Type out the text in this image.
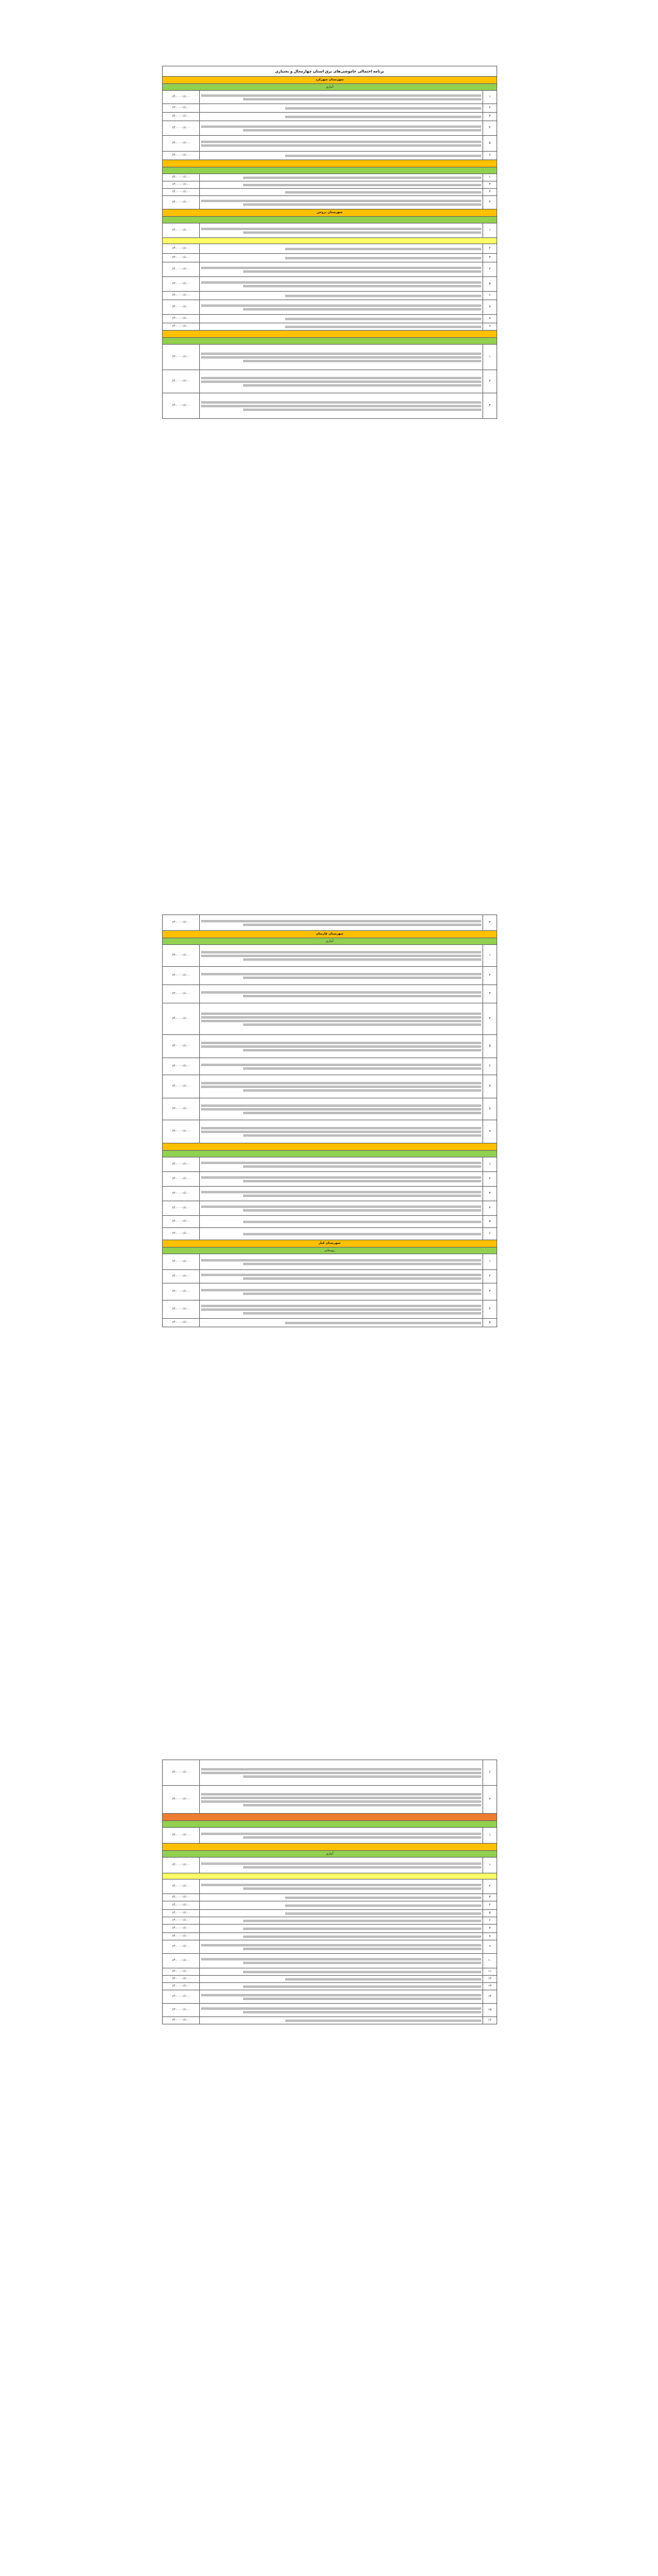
برنامه احتمالی خاموشی‌های برق استان چهارمحال و بختیاری		
شهرستان شهرکرد		
آبیاری		
۱		۱۴:۰۰ - ۱۶:۰۰
۲		۱۴:۰۰ - ۱۶:۰۰
۳		۱۴:۰۰ - ۱۶:۰۰
۴		۱۴:۰۰ - ۱۶:۰۰
۵		۱۴:۰۰ - ۱۶:۰۰
۶		۱۴:۰۰ - ۱۶:۰۰

۱		۱۴:۰۰ - ۱۶:۰۰
۲		۱۴:۰۰ - ۱۶:۰۰
۳		۱۴:۰۰ - ۱۶:۰۰
۴		۱۴:۰۰ - ۱۶:۰۰
شهرستان بروجن		

۱		۱۴:۰۰ - ۱۶:۰۰

۲		۱۴:۰۰ - ۱۶:۰۰
۳		۱۴:۰۰ - ۱۶:۰۰
۴		۱۴:۰۰ - ۱۶:۰۰
۵		۱۴:۰۰ - ۱۶:۰۰
۶		۱۴:۰۰ - ۱۶:۰۰
۷		۱۴:۰۰ - ۱۶:۰۰
۸		۱۴:۰۰ - ۱۶:۰۰
۹		۱۴:۰۰ - ۱۶:۰۰

۱		۱۴:۰۰ - ۱۶:۰۰
۲		۱۴:۰۰ - ۱۶:۰۰
۳		۱۴:۰۰ - ۱۶:۰۰
۴		۱۴:۰۰ - ۱۶:۰۰
شهرستان فارسان		
آبیاری		
۱		۱۴:۰۰ - ۱۶:۰۰
۲		۱۴:۰۰ - ۱۶:۰۰
۳		۱۴:۰۰ - ۱۶:۰۰
۴		۱۴:۰۰ - ۱۶:۰۰
۵		۱۴:۰۰ - ۱۶:۰۰
۶		۱۴:۰۰ - ۱۶:۰۰
۷		۱۴:۰۰ - ۱۶:۰۰
۸		۱۴:۰۰ - ۱۶:۰۰
۹		۱۴:۰۰ - ۱۶:۰۰

۱		۱۴:۰۰ - ۱۶:۰۰
۲		۱۴:۰۰ - ۱۶:۰۰
۳		۱۴:۰۰ - ۱۶:۰۰
۴		۱۴:۰۰ - ۱۶:۰۰
۵		۱۴:۰۰ - ۱۶:۰۰
۶		۱۴:۰۰ - ۱۶:۰۰
شهرستان کیار		
روستایی		
۱		۱۴:۰۰ - ۱۶:۰۰
۲		۱۴:۰۰ - ۱۶:۰۰
۳		۱۴:۰۰ - ۱۶:۰۰
۴		۱۴:۰۰ - ۱۶:۰۰
۵		۱۴:۰۰ - ۱۶:۰۰
۶		۱۴:۰۰ - ۱۶:۰۰
۷		۱۴:۰۰ - ۱۶:۰۰

۱		۱۴:۰۰ - ۱۶:۰۰

آبیاری		
۱		۱۴:۰۰ - ۱۶:۰۰

۲		۱۴:۰۰ - ۱۶:۰۰
۳		۱۴:۰۰ - ۱۶:۰۰
۴		۱۴:۰۰ - ۱۶:۰۰
۵		۱۴:۰۰ - ۱۶:۰۰
۶		۱۴:۰۰ - ۱۶:۰۰
۷		۱۴:۰۰ - ۱۶:۰۰
۸		۱۴:۰۰ - ۱۶:۰۰
۹		۱۴:۰۰ - ۱۶:۰۰
۱۰		۱۴:۰۰ - ۱۶:۰۰
۱۱		۱۴:۰۰ - ۱۶:۰۰
۱۲		۱۴:۰۰ - ۱۶:۰۰
۱۳		۱۴:۰۰ - ۱۶:۰۰
۱۴		۱۴:۰۰ - ۱۶:۰۰
۱۵		۱۴:۰۰ - ۱۶:۰۰
۱۶		۱۴:۰۰ - ۱۶:۰۰
